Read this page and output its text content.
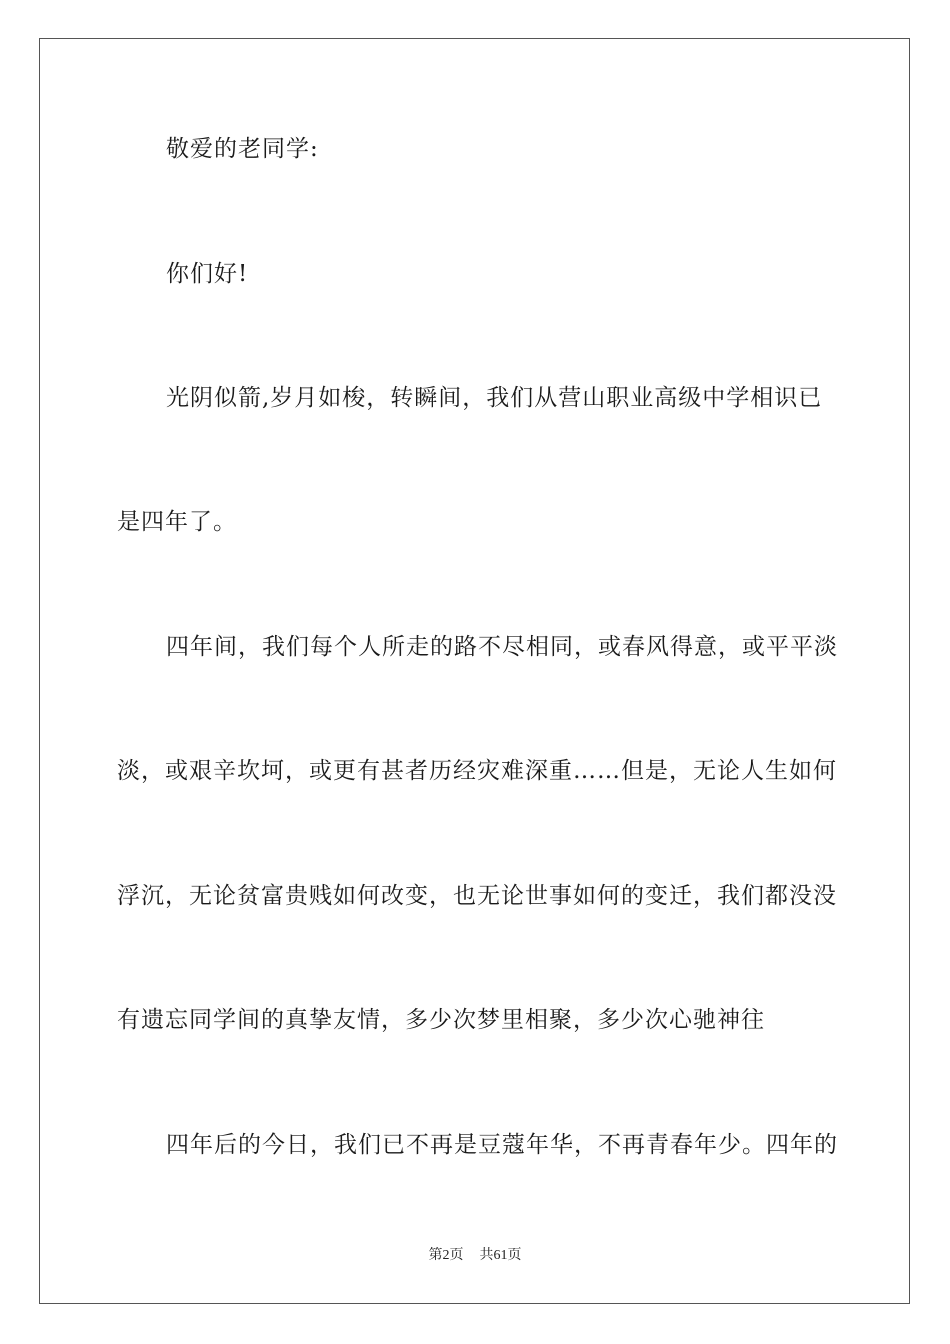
敬爱的老同学:
你们好!
光阴似箭,岁月如梭，转瞬间，我们从营山职业高级中学相识已
是四年了。
四年间，我们每个人所走的路不尽相同，或春风得意，或平平淡
淡，或艰辛坎坷，或更有甚者历经灾难深重……但是，无论人生如何
浮沉，无论贫富贵贱如何改变，也无论世事如何的变迁，我们都没没
有遗忘同学间的真挚友情，多少次梦里相聚，多少次心驰神往
四年后的今日，我们已不再是豆蔻年华，不再青春年少。四年的
第2页 共61页
